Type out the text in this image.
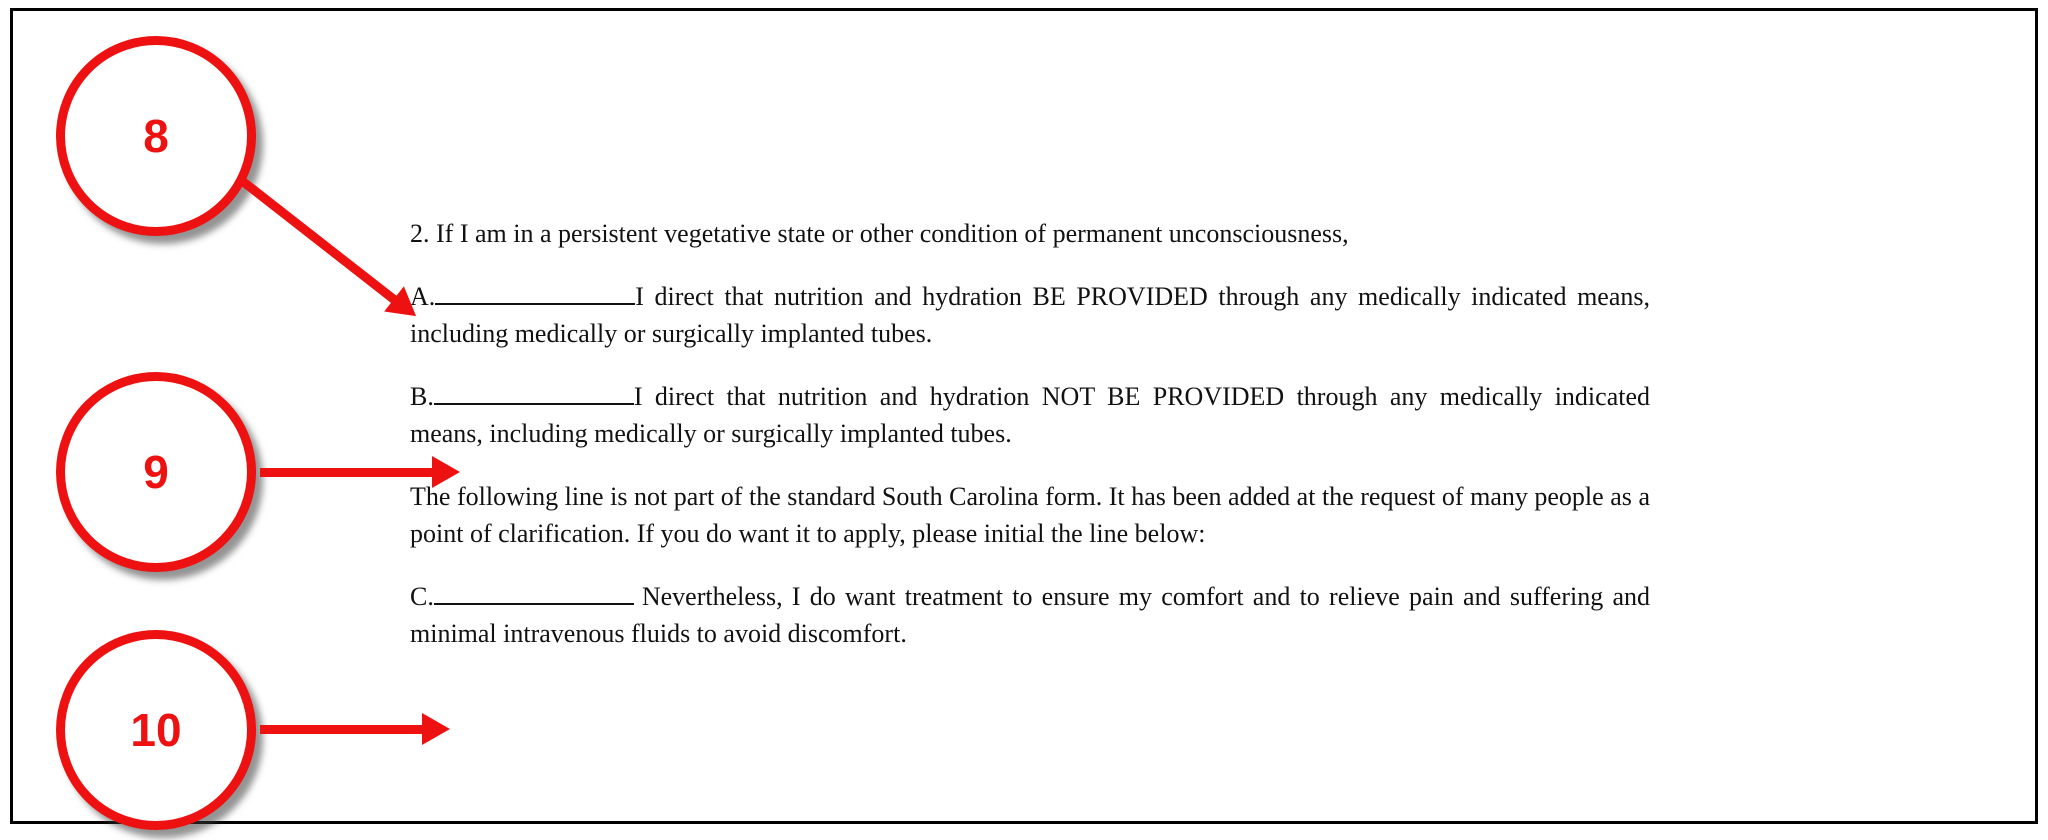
2. If I am in a persistent vegetative state or other condition of permanent unconsciousness,

A.	I direct that nutrition and hydration BE PROVIDED through any medically indicated means, including medically or surgically implanted tubes.

B.	I direct that nutrition and hydration NOT BE PROVIDED through any medically indicated means, including medically or surgically implanted tubes.

The following line is not part of the standard South Carolina form. It has been added at the request of many people as a point of clarification. If you do want it to apply, please initial the line below:

C.	Nevertheless, I do want treatment to ensure my comfort and to relieve pain and suffering and minimal intravenous fluids to avoid discomfort.

8
9
10
